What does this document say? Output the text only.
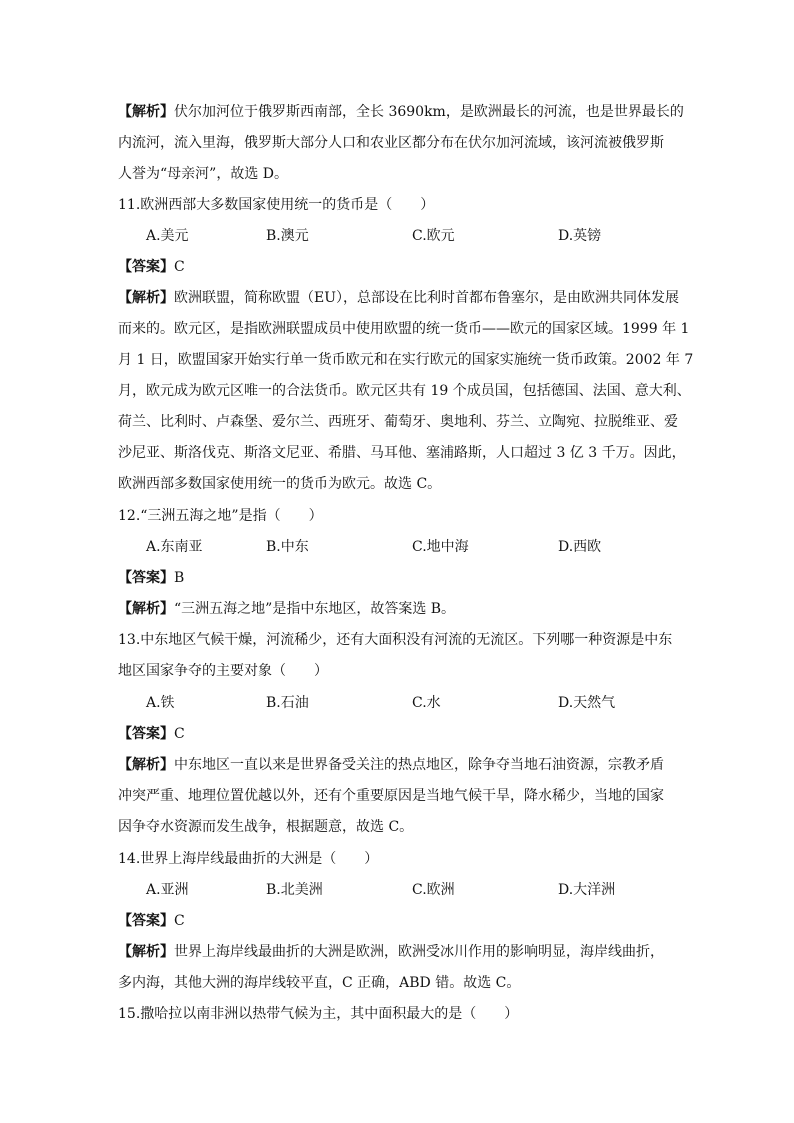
【解析】伏尔加河位于俄罗斯西南部，全长 3690km，是欧洲最长的河流，也是世界最长的
内流河，流入里海，俄罗斯大部分人口和农业区都分布在伏尔加河流域，该河流被俄罗斯
人誉为“母亲河”，故选 D。
11.欧洲西部大多数国家使用统一的货币是（　　）
A.美元	B.澳元	C.欧元	D.英镑
【答案】C
【解析】欧洲联盟，简称欧盟（EU），总部设在比利时首都布鲁塞尔，是由欧洲共同体发展
而来的。欧元区，是指欧洲联盟成员中使用欧盟的统一货币——欧元的国家区域。1999 年 1
月 1 日，欧盟国家开始实行单一货币欧元和在实行欧元的国家实施统一货币政策。2002 年 7
月，欧元成为欧元区唯一的合法货币。欧元区共有 19 个成员国，包括德国、法国、意大利、
荷兰、比利时、卢森堡、爱尔兰、西班牙、葡萄牙、奥地利、芬兰、立陶宛、拉脱维亚、爱
沙尼亚、斯洛伐克、斯洛文尼亚、希腊、马耳他、塞浦路斯，人口超过 3 亿 3 千万。因此，
欧洲西部多数国家使用统一的货币为欧元。故选 C。
12.“三洲五海之地”是指（　　）
A.东南亚	B.中东	C.地中海	D.西欧
【答案】B
【解析】“三洲五海之地”是指中东地区，故答案选 B。
13.中东地区气候干燥，河流稀少，还有大面积没有河流的无流区。下列哪一种资源是中东
地区国家争夺的主要对象（　　）
A.铁	B.石油	C.水	D.天然气
【答案】C
【解析】中东地区一直以来是世界备受关注的热点地区，除争夺当地石油资源，宗教矛盾
冲突严重、地理位置优越以外，还有个重要原因是当地气候干旱，降水稀少，当地的国家
因争夺水资源而发生战争，根据题意，故选 C。
14.世界上海岸线最曲折的大洲是（　　）
A.亚洲	B.北美洲	C.欧洲	D.大洋洲
【答案】C
【解析】世界上海岸线最曲折的大洲是欧洲，欧洲受冰川作用的影响明显，海岸线曲折，
多内海，其他大洲的海岸线较平直，C 正确，ABD 错。故选 C。
15.撒哈拉以南非洲以热带气候为主，其中面积最大的是（　　）
